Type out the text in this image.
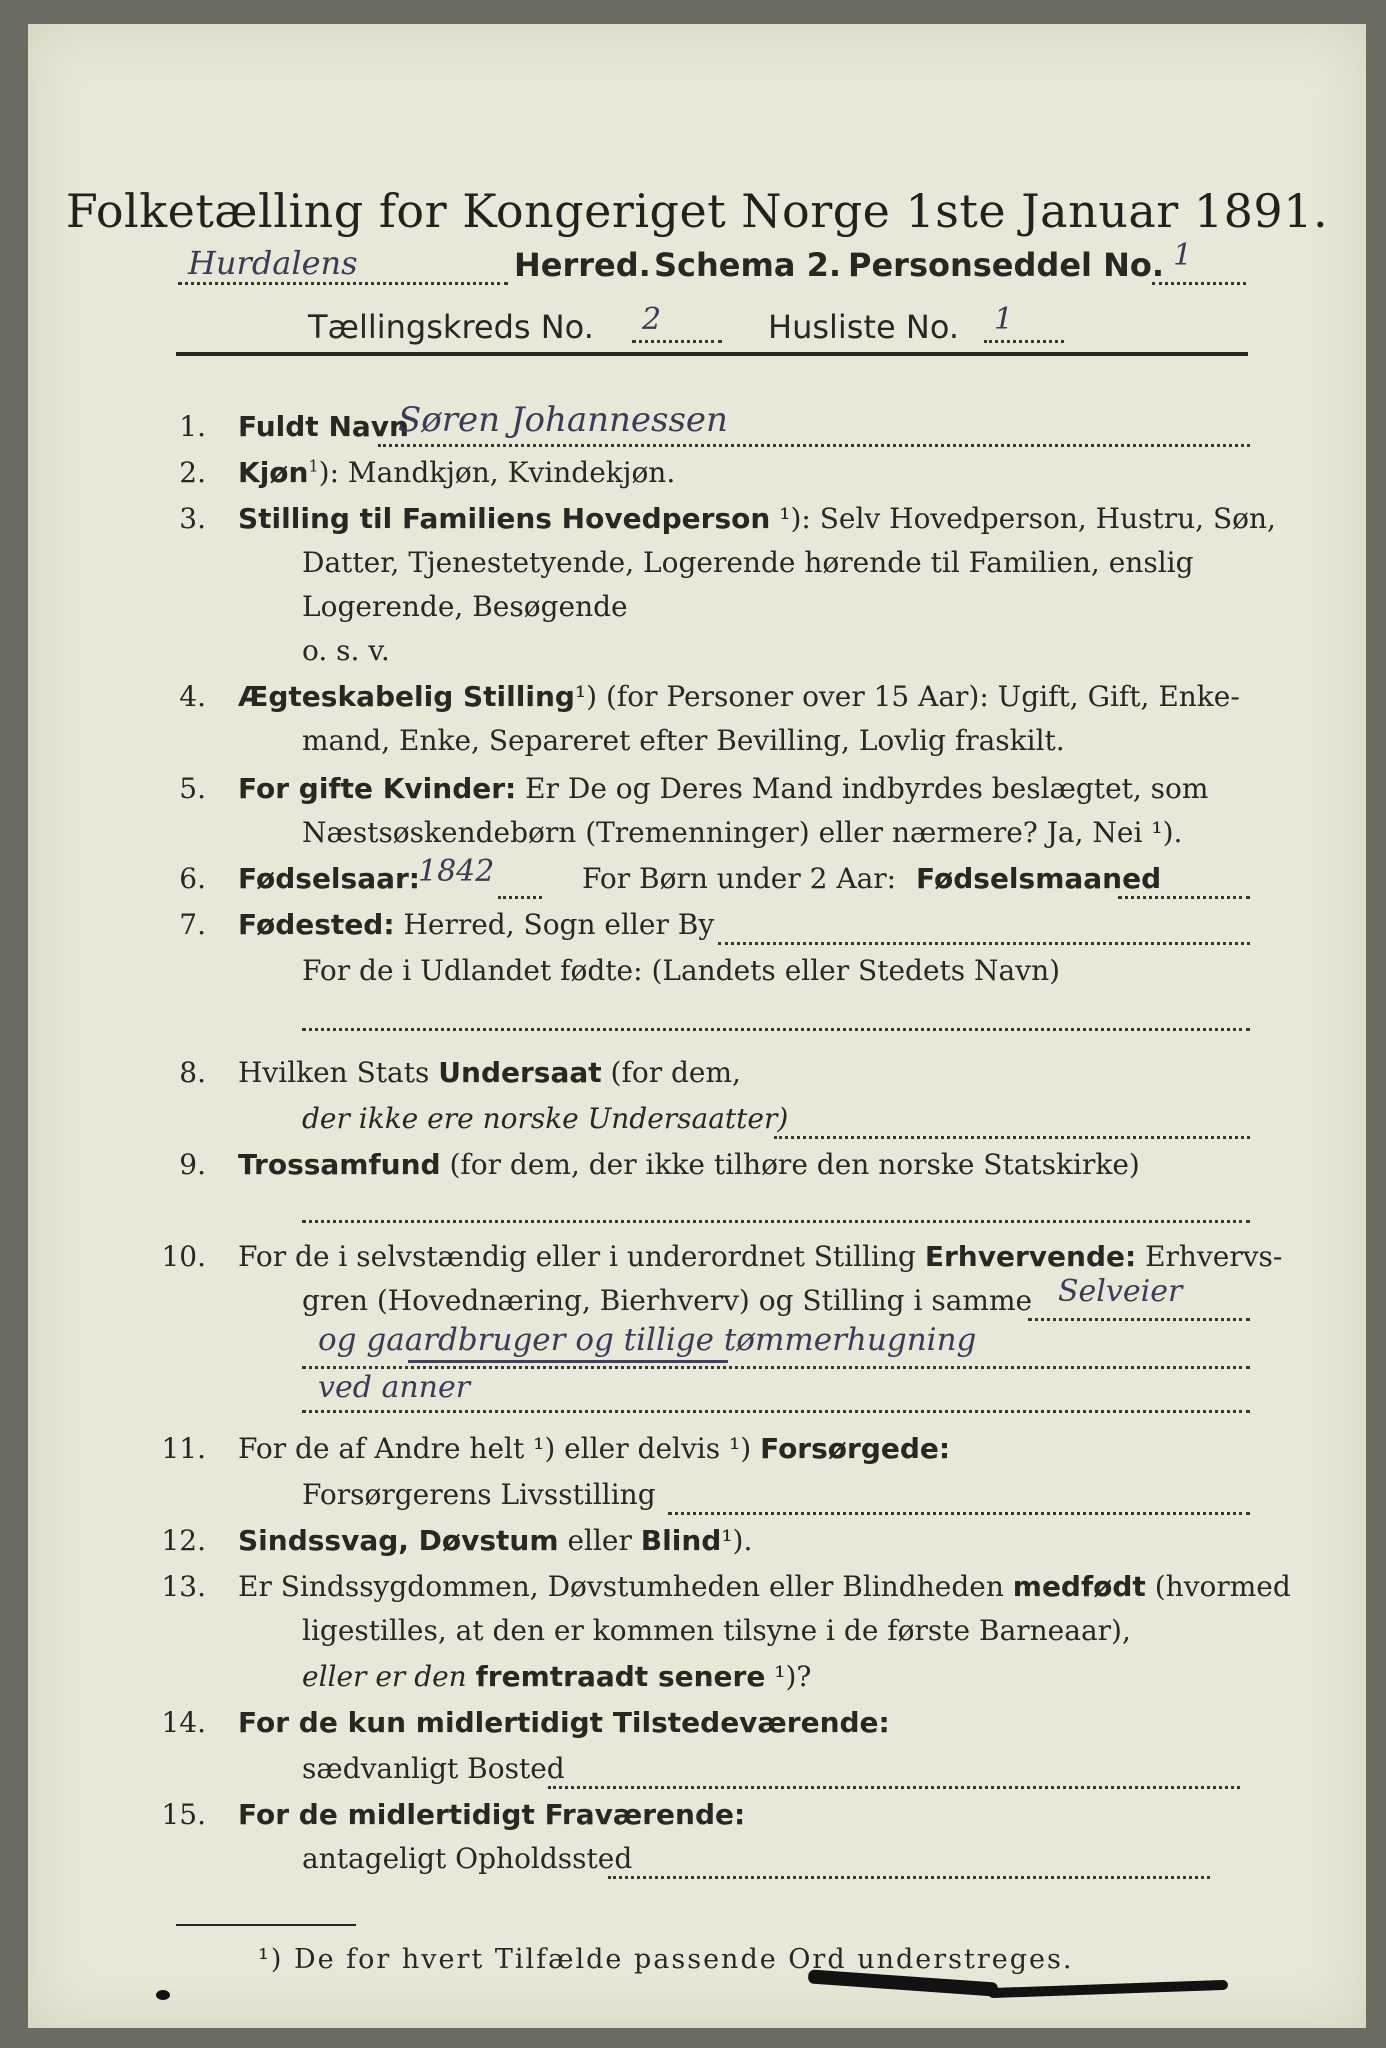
Folketælling for Kongeriget Norge 1ste Januar 1891.
Hurdalens	Herred. Schema 2. Personseddel No. 1
Tællingskreds No. 2	Husliste No. 1
1. Fuldt Navn
Søren Johannessen
2. Kjøn$^1$): Mandkjøn, Kvindekjøn.
3. Stilling til Familiens Hovedperson ¹): Selv Hovedperson, Hustru, Søn,
Datter, Tjenestetyende, Logerende hørende til Familien, enslig
Logerende, Besøgende
o. s. v.
4. Ægteskabelig Stilling¹) (for Personer over 15 Aar): Ugift, Gift, Enke-
mand, Enke, Separeret efter Bevilling, Lovlig fraskilt.
5. For gifte Kvinder: Er De og Deres Mand indbyrdes beslægtet, som
Næstsøskendebørn (Tremenninger) eller nærmere? Ja, Nei ¹).
6. Fødselsaar:
1842	For Børn under 2 Aar: Fødselsmaaned
7. Fødested: Herred, Sogn eller By
For de i Udlandet fødte: (Landets eller Stedets Navn)
8. Hvilken Stats Undersaat (for dem,
der ikke ere norske Undersaatter)
9. Trossamfund (for dem, der ikke tilhøre den norske Statskirke)
10. For de i selvstændig eller i underordnet Stilling Erhvervende: Erhvervs-
gren (Hovednæring, Bierhverv) og Stilling i samme Selveier
og gaardbruger og tillige tømmerhugning
ved anner
11. For de af Andre helt ¹) eller delvis ¹) Forsørgede:
Forsørgerens Livsstilling
12. Sindssvag, Døvstum eller Blind¹).
13. Er Sindssygdommen, Døvstumheden eller Blindheden medfødt (hvormed
ligestilles, at den er kommen tilsyne i de første Barneaar),
eller er den fremtraadt senere ¹)?
14. For de kun midlertidigt Tilstedeværende:
sædvanligt Bosted
15. For de midlertidigt Fraværende:
antageligt Opholdssted
¹) De for hvert Tilfælde passende Ord understreges.
